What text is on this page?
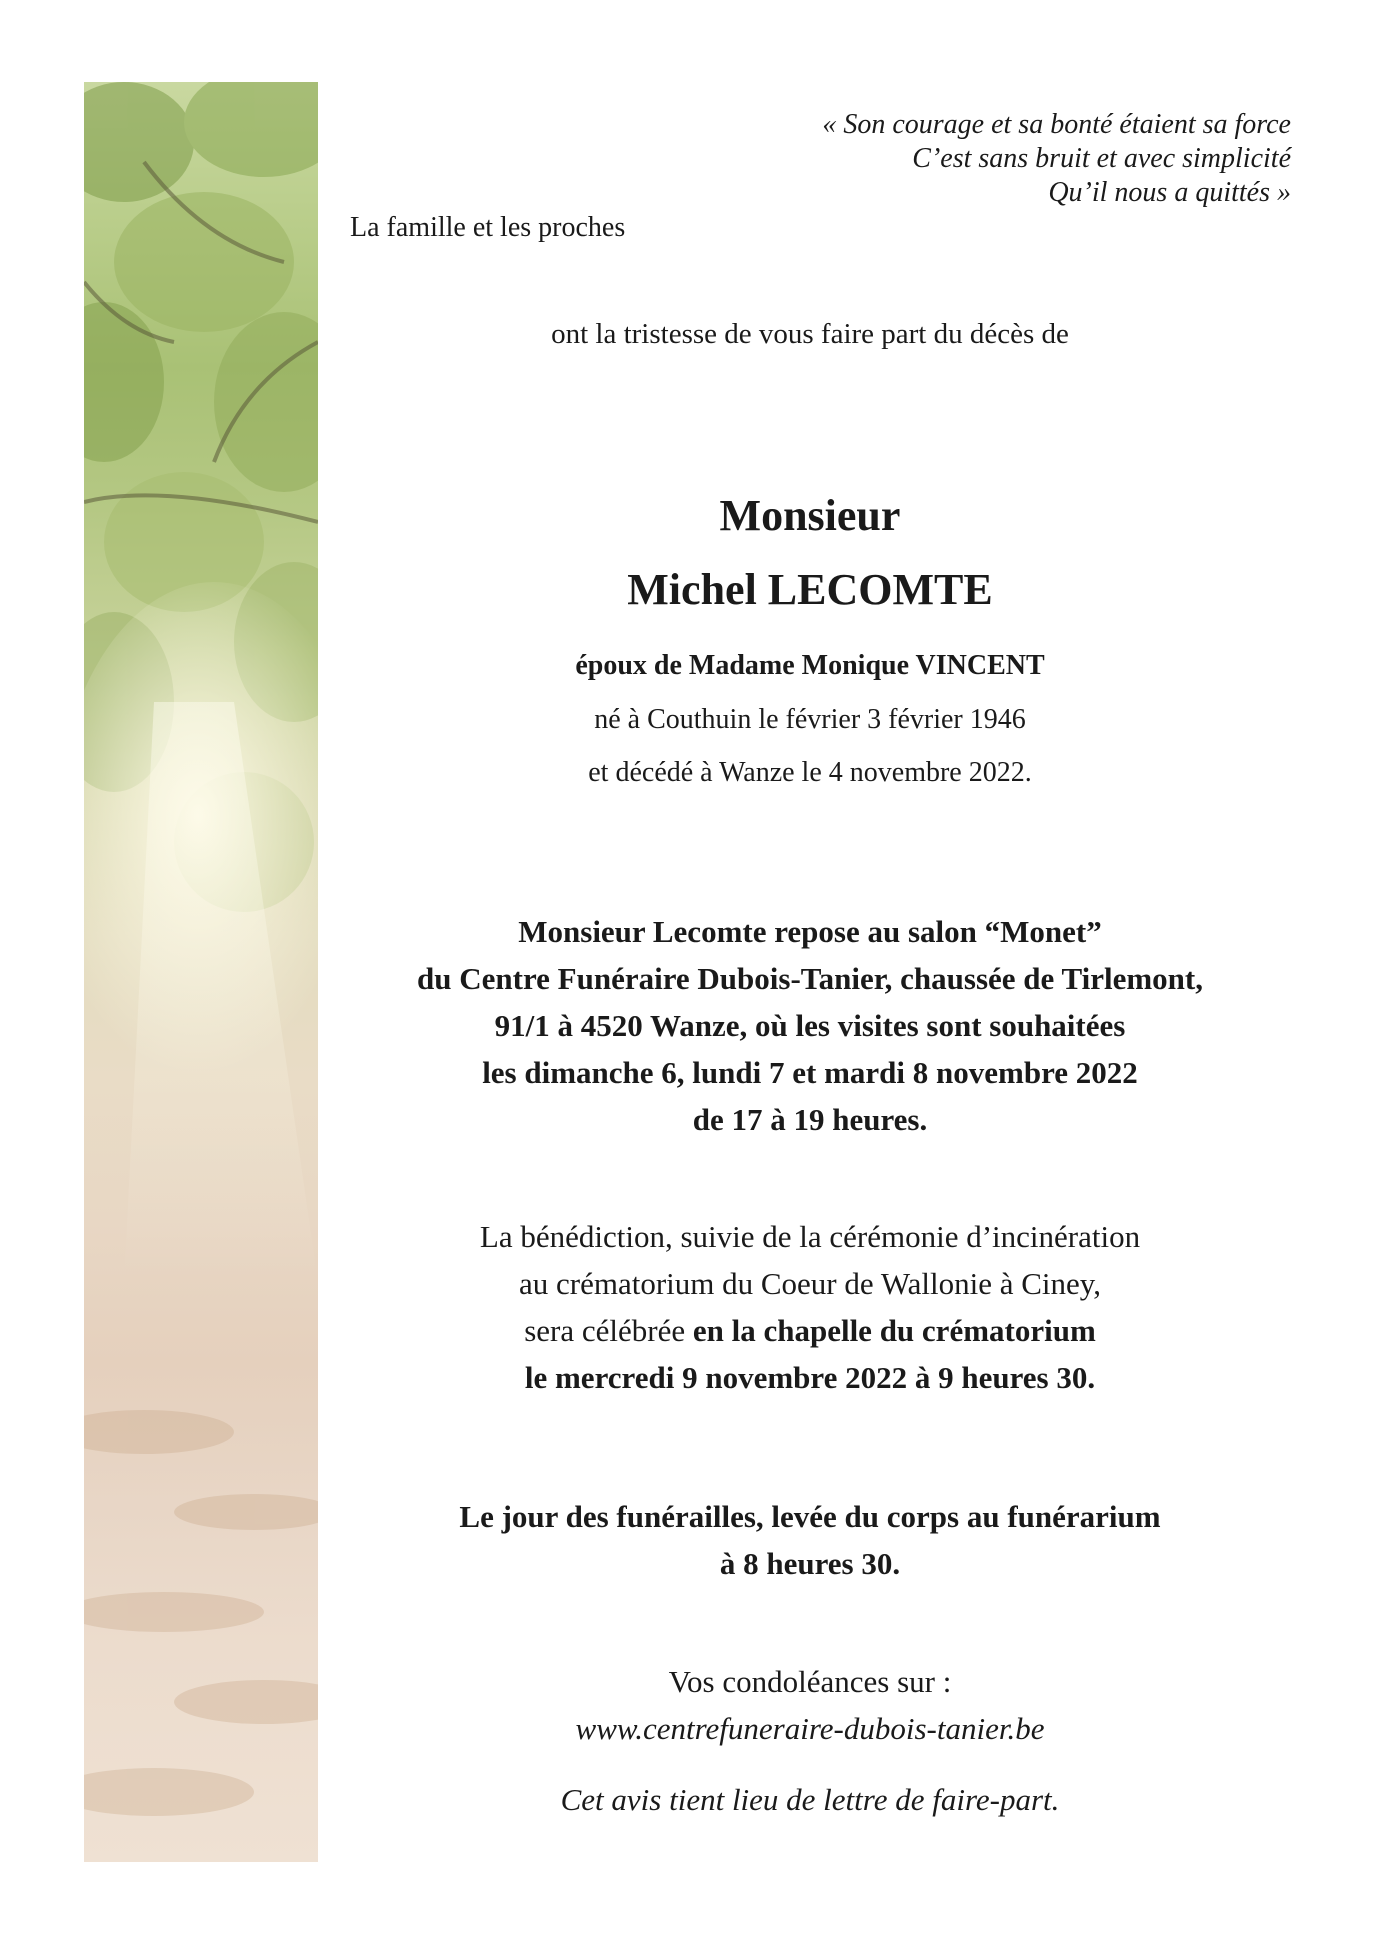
« Son courage et sa bonté étaient sa force
C’est sans bruit et avec simplicité
Qu’il nous a quittés »
La famille et les proches
ont la tristesse de vous faire part du décès de
Monsieur
Michel LECOMTE
époux de Madame Monique VINCENT
né à Couthuin le février 3 février 1946
et décédé à Wanze le 4 novembre 2022.
Monsieur Lecomte repose au salon “Monet”
du Centre Funéraire Dubois-Tanier, chaussée de Tirlemont,
91/1 à 4520 Wanze, où les visites sont souhaitées
les dimanche 6, lundi 7 et mardi 8 novembre 2022
de 17 à 19 heures.
La bénédiction, suivie de la cérémonie d’incinération
au crématorium du Coeur de Wallonie à Ciney,
sera célébrée en la chapelle du crématorium
le mercredi 9 novembre 2022 à 9 heures 30.
Le jour des funérailles, levée du corps au funérarium
à 8 heures 30.
Vos condoléances sur :
www.centrefuneraire-dubois-tanier.be
Cet avis tient lieu de lettre de faire-part.
